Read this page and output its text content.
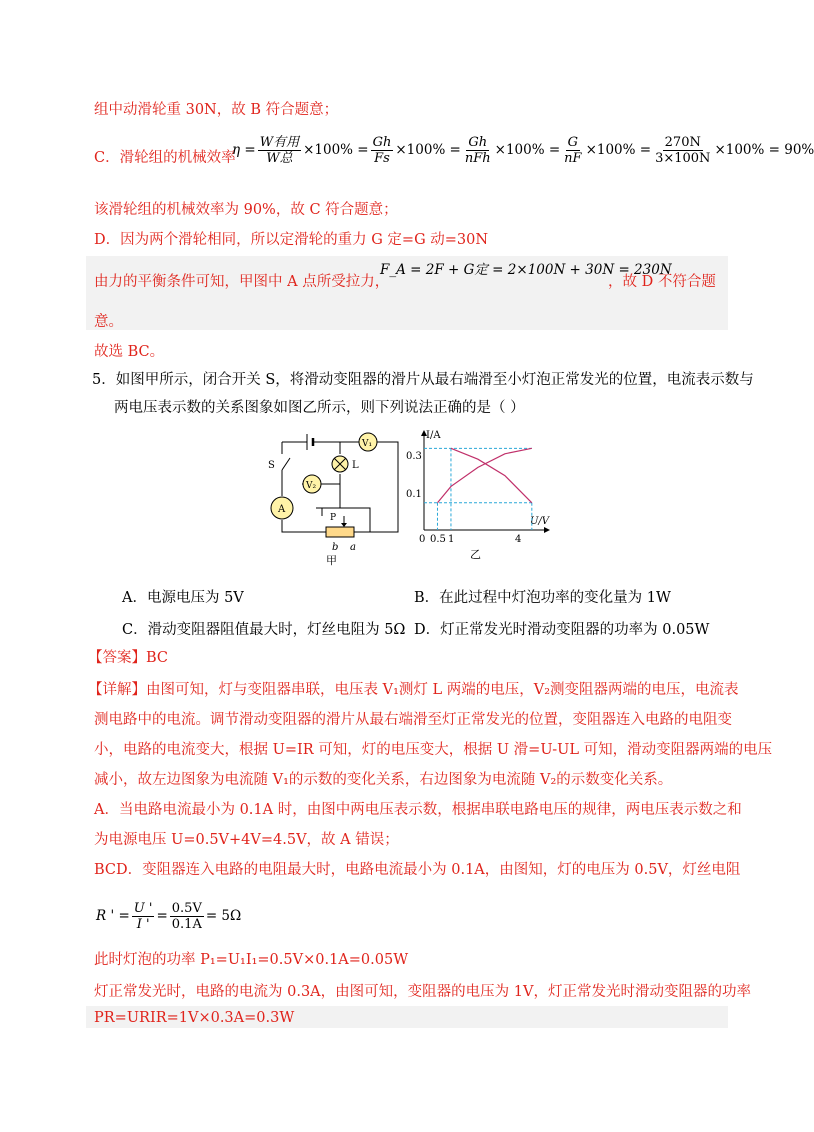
组中动滑轮重 30N，故 B 符合题意；
C．滑轮组的机械效率
$\eta = \frac{\text{W有用}}{\text{W总}} \times 100\% = \frac{Gh}{Fs} \times 100\% = \frac{Gh}{\text{nFh}} \times 100\% = \frac{G}{nF} \times 100\% = \frac{270N}{3\times 100N} \times 100\% = 90\%$
该滑轮组的机械效率为 90%，故 C 符合题意；
D．因为两个滑轮相同，所以定滑轮的重力 G 定=G 动=30N
由力的平衡条件可知，甲图中 A 点所受拉力，
F_A = 2F + G定 = 2×100N + 30N = 230N
，故 D 不符合题
意。
故选 BC。
5．如图甲所示，闭合开关 S，将滑动变阻器的滑片从最右端滑至小灯泡正常发光的位置，电流表示数与
两电压表示数的关系图象如图乙所示，则下列说法正确的是（ ）
V₁
L
S
V₂
A
P
b a
甲
I/A
U/V
0.3
0.1
0 0.5 1	4
乙
A．电源电压为 5V	B．在此过程中灯泡功率的变化量为 1W
C．滑动变阻器阻值最大时，灯丝电阻为 5Ω D．灯正常发光时滑动变阻器的功率为 0.05W
【答案】BC
【详解】由图可知，灯与变阻器串联，电压表 V₁测灯 L 两端的电压，V₂测变阻器两端的电压，电流表
测电路中的电流。调节滑动变阻器的滑片从最右端滑至灯正常发光的位置，变阻器连入电路的电阻变
小，电路的电流变大，根据 U=IR 可知，灯的电压变大，根据 U 滑=U-UL 可知，滑动变阻器两端的电压
减小，故左边图象为电流随 V₁的示数的变化关系，右边图象为电流随 V₂的示数变化关系。
A．当电路电流最小为 0.1A 时，由图中两电压表示数，根据串联电路电压的规律，两电压表示数之和
为电源电压 U=0.5V+4V=4.5V，故 A 错误；
BCD．变阻器连入电路的电阻最大时，电路电流最小为 0.1A，由图知，灯的电压为 0.5V，灯丝电阻
R ' = $\frac{U '}{I '} = \frac{0.5V}{0.1A} = 5\Omega$
此时灯泡的功率 P₁=U₁I₁=0.5V×0.1A=0.05W
灯正常发光时，电路的电流为 0.3A，由图可知，变阻器的电压为 1V，灯正常发光时滑动变阻器的功率
PR=URIR=1V×0.3A=0.3W
